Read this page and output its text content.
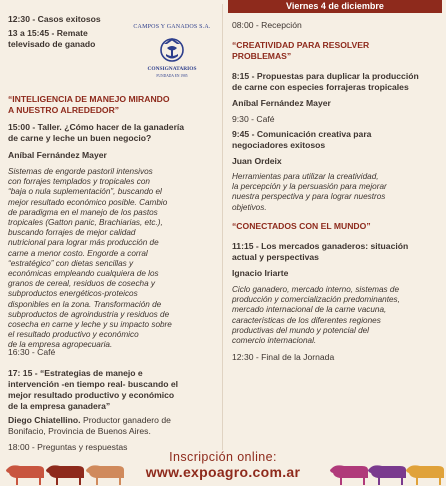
12:30 - Casos exitosos
13 a 15:45 - Remate
televisado de ganado
“INTELIGENCIA DE MANEJO MIRANDO
A NUESTRO ALREDEDOR”
15:00 - Taller. ¿Cómo hacer de la ganadería
de carne y leche un buen negocio?
Aníbal Fernández Mayer
Sistemas de engorde pastoril intensivos
con forrajes templados y tropicales con
“baja o nula suplementación”, buscando el
mejor resultado económico posible. Cambio
de paradigma en el manejo de los pastos
tropicales (Gatton panic, Brachiarias, etc.),
buscando forrajes de mejor calidad
nutricional para lograr más producción de
carne a menor costo. Engorde a corral
“estratégico” con dietas sencillas y
económicas empleando cualquiera de los
granos de cereal, residuos de cosecha y
subproductos energéticos-proteicos
disponibles en la zona. Transformación de
subproductos de agroindustria y residuos de
cosecha en carne y leche y su impacto sobre
el resultado productivo y económico
de la empresa agropecuaria.
16:30 - Café
17: 15 - “Estrategias de manejo e
intervención -en tiempo real- buscando el
mejor resultado productivo y económico
de la empresa ganadera”
Diego Chiatellino. Productor ganadero de
Bonifacio, Provincia de Buenos Aires.
18:00 - Preguntas y respuestas
CAMPOS Y GANADOS S.A.
CONSIGNATARIOS
FUNDADA EN 1985
Viernes 4 de diciembre
08:00 - Recepción
“CREATIVIDAD PARA RESOLVER
PROBLEMAS”
8:15 - Propuestas para duplicar la producción
de carne con especies forrajeras tropicales
Aníbal Fernández Mayer
9:30 - Café
9:45 - Comunicación creativa para
negociadores exitosos
Juan Ordeix
Herramientas para utilizar la creatividad,
la percepción y la persuasión para mejorar
nuestra perspectiva y para lograr nuestros
objetivos.
“CONECTADOS CON EL MUNDO”
11:15 - Los mercados ganaderos: situación
actual y perspectivas
Ignacio Iriarte
Ciclo ganadero, mercado interno, sistemas de
producción y comercialización predominantes,
mercado internacional de la carne vacuna,
características de los diferentes regiones
productivas del mundo y potencial del
comercio internacional.
12:30 - Final de la Jornada
Inscripción online:
www.expoagro.com.ar
